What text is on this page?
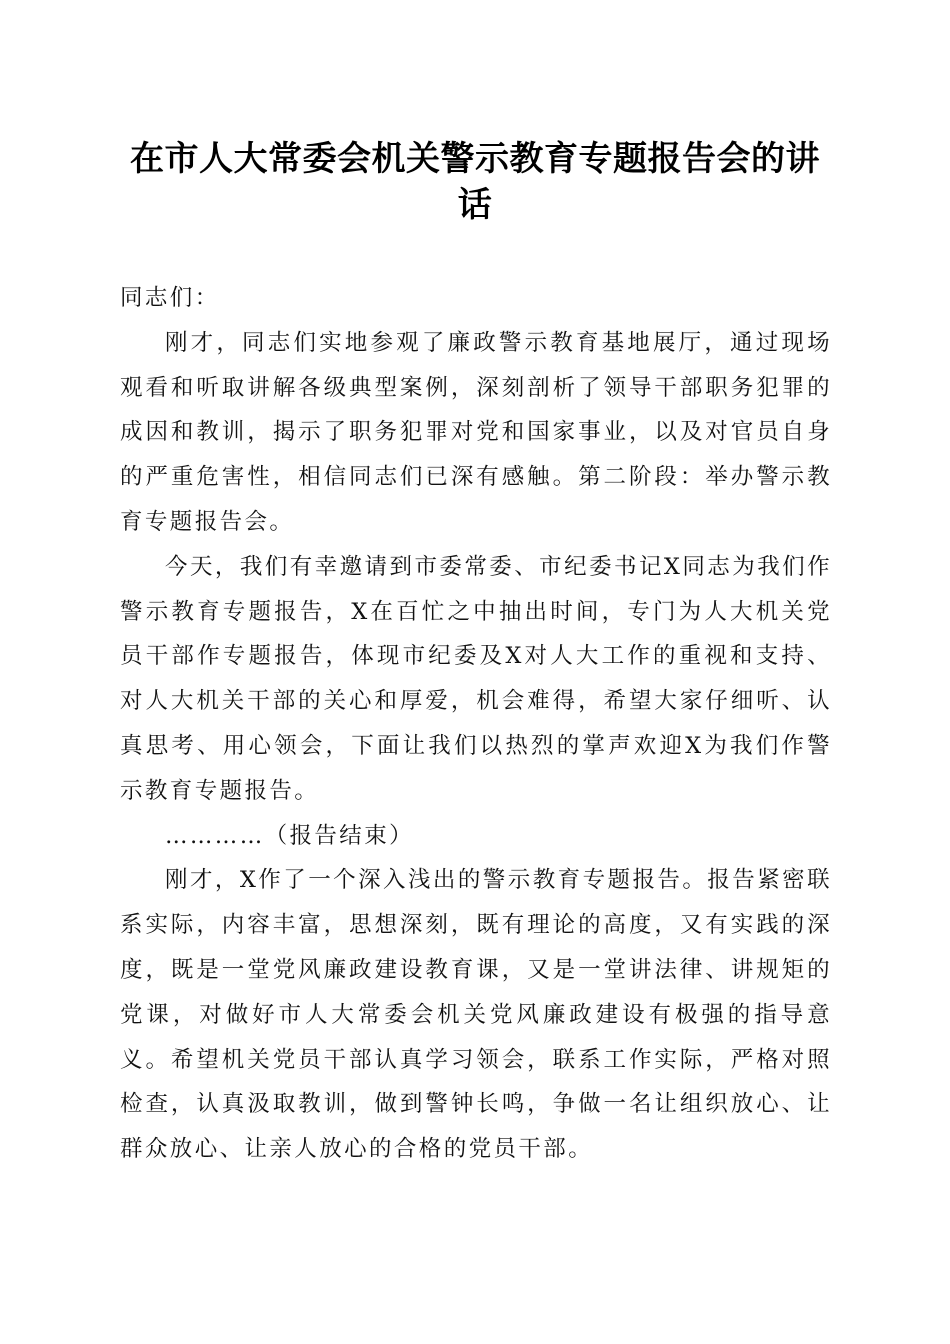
在市人大常委会机关警示教育专题报告会的讲话

同志们：

刚才，同志们实地参观了廉政警示教育基地展厅，通过现场观看和听取讲解各级典型案例，深刻剖析了领导干部职务犯罪的成因和教训，揭示了职务犯罪对党和国家事业，以及对官员自身的严重危害性，相信同志们已深有感触。第二阶段：举办警示教育专题报告会。

今天，我们有幸邀请到市委常委、市纪委书记X同志为我们作警示教育专题报告，X在百忙之中抽出时间，专门为人大机关党员干部作专题报告，体现市纪委及X对人大工作的重视和支持、对人大机关干部的关心和厚爱，机会难得，希望大家仔细听、认真思考、用心领会，下面让我们以热烈的掌声欢迎X为我们作警示教育专题报告。

…………（报告结束）

刚才，X作了一个深入浅出的警示教育专题报告。报告紧密联系实际，内容丰富，思想深刻，既有理论的高度，又有实践的深度，既是一堂党风廉政建设教育课，又是一堂讲法律、讲规矩的党课，对做好市人大常委会机关党风廉政建设有极强的指导意义。希望机关党员干部认真学习领会，联系工作实际，严格对照检查，认真汲取教训，做到警钟长鸣，争做一名让组织放心、让群众放心、让亲人放心的合格的党员干部。
